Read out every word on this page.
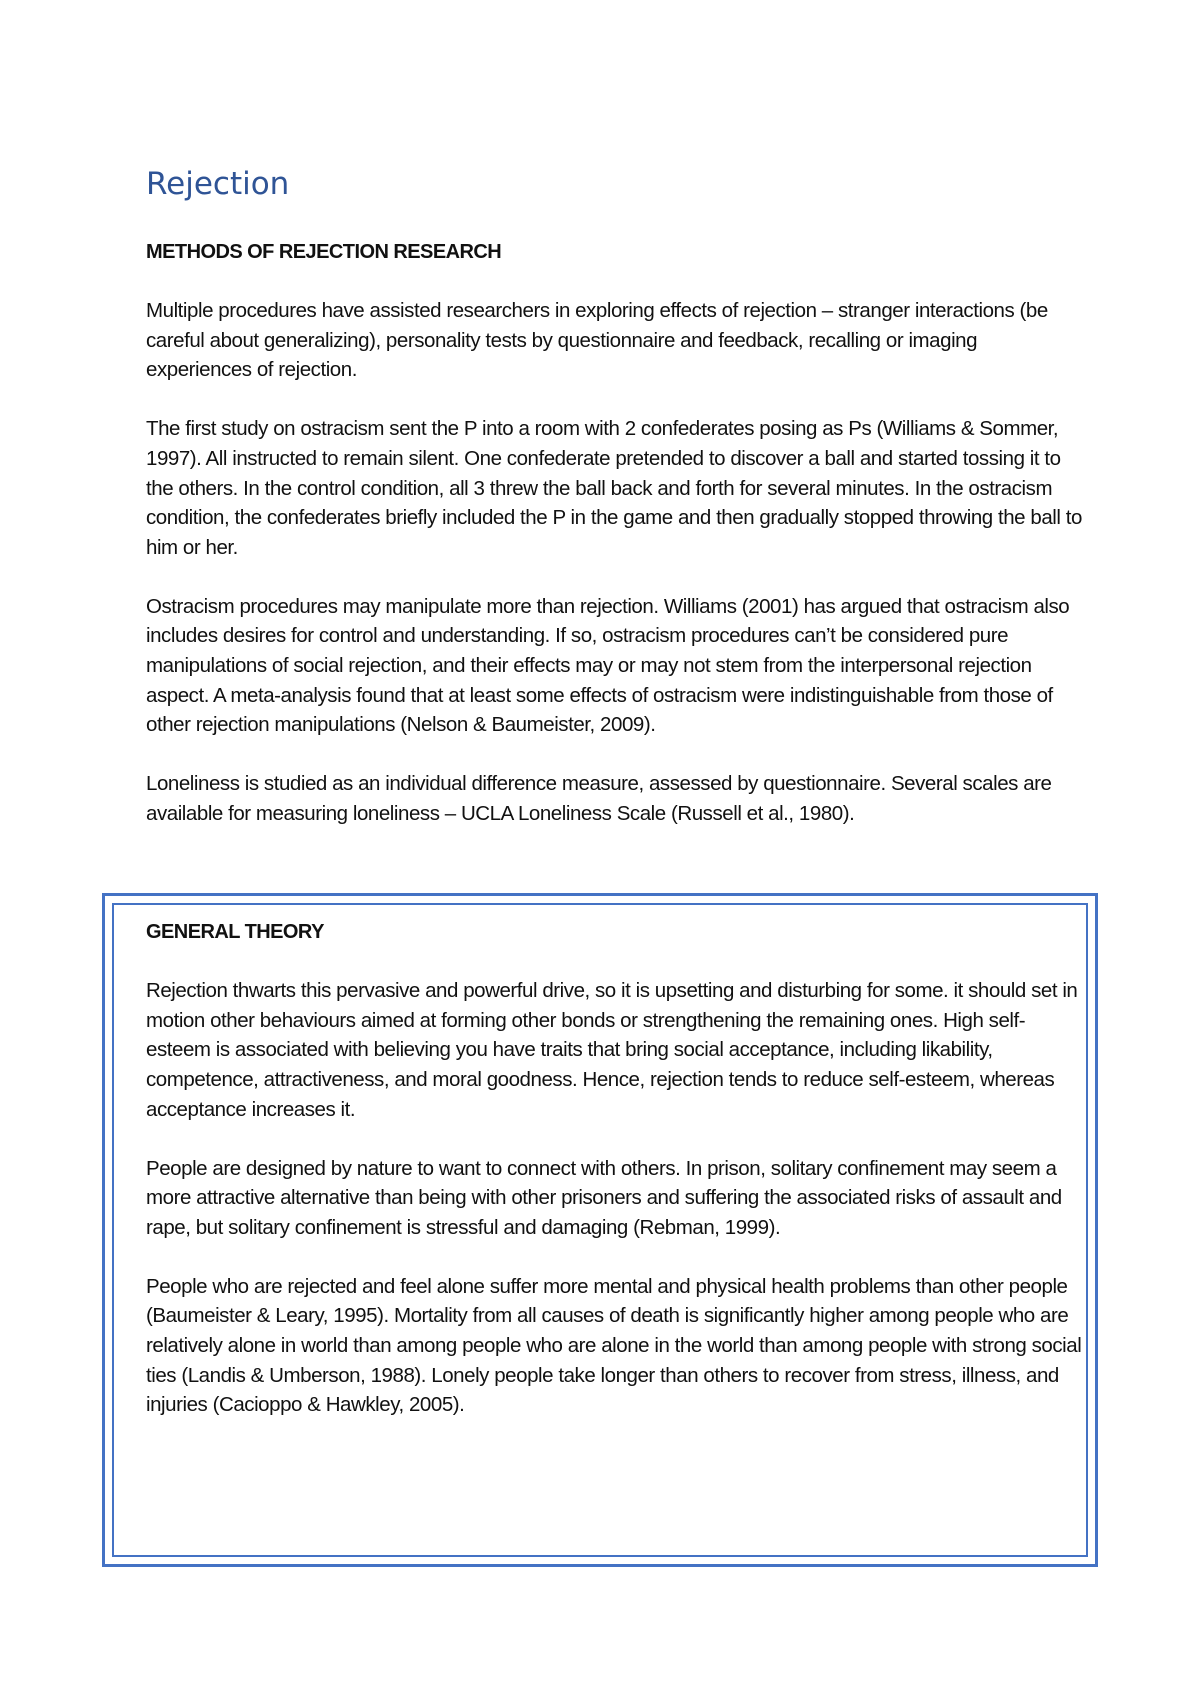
Rejection
METHODS OF REJECTION RESEARCH

Multiple procedures have assisted researchers in exploring effects of rejection – stranger interactions (be careful about generalizing), personality tests by questionnaire and feedback, recalling or imaging experiences of rejection.

The first study on ostracism sent the P into a room with 2 confederates posing as Ps (Williams & Sommer, 1997). All instructed to remain silent. One confederate pretended to discover a ball and started tossing it to the others. In the control condition, all 3 threw the ball back and forth for several minutes. In the ostracism condition, the confederates briefly included the P in the game and then gradually stopped throwing the ball to him or her.

Ostracism procedures may manipulate more than rejection. Williams (2001) has argued that ostracism also includes desires for control and understanding. If so, ostracism procedures can’t be considered pure manipulations of social rejection, and their effects may or may not stem from the interpersonal rejection aspect. A meta-analysis found that at least some effects of ostracism were indistinguishable from those of other rejection manipulations (Nelson & Baumeister, 2009).

Loneliness is studied as an individual difference measure, assessed by questionnaire. Several scales are available for measuring loneliness – UCLA Loneliness Scale (Russell et al., 1980).

GENERAL THEORY

Rejection thwarts this pervasive and powerful drive, so it is upsetting and disturbing for some. it should set in motion other behaviours aimed at forming other bonds or strengthening the remaining ones. High self-esteem is associated with believing you have traits that bring social acceptance, including likability, competence, attractiveness, and moral goodness. Hence, rejection tends to reduce self-esteem, whereas acceptance increases it.

People are designed by nature to want to connect with others. In prison, solitary confinement may seem a more attractive alternative than being with other prisoners and suffering the associated risks of assault and rape, but solitary confinement is stressful and damaging (Rebman, 1999).

People who are rejected and feel alone suffer more mental and physical health problems than other people (Baumeister & Leary, 1995). Mortality from all causes of death is significantly higher among people who are relatively alone in world than among people who are alone in the world than among people with strong social ties (Landis & Umberson, 1988). Lonely people take longer than others to recover from stress, illness, and injuries (Cacioppo & Hawkley, 2005).
